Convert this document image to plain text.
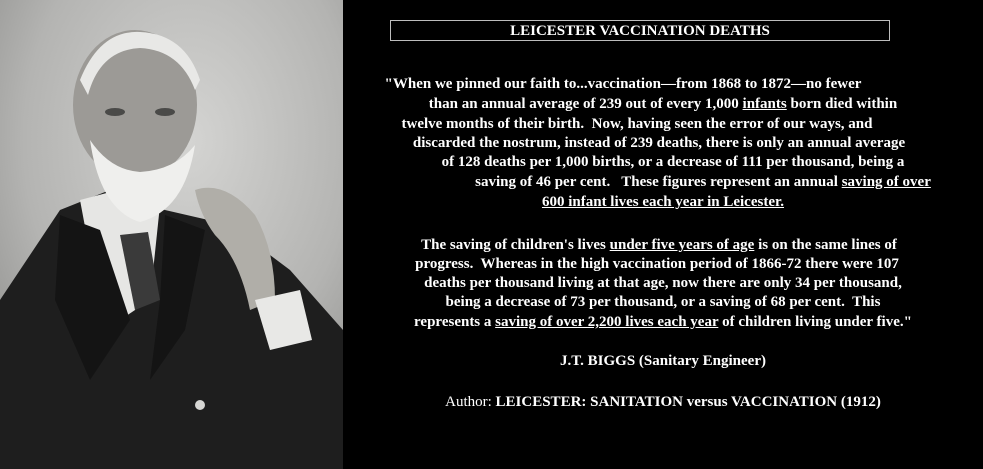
LEICESTER VACCINATION DEATHS
"When we pinned our faith to...vaccination—from 1868 to 1872—no fewer
than an annual average of 239 out of every 1,000 infants born died within
twelve months of their birth.  Now, having seen the error of our ways, and
discarded the nostrum, instead of 239 deaths, there is only an annual average
of 128 deaths per 1,000 births, or a decrease of 111 per thousand, being a
saving of 46 per cent.   These figures represent an annual saving of over
600 infant lives each year in Leicester.
The saving of children's lives under five years of age is on the same lines of
progress.  Whereas in the high vaccination period of 1866-72 there were 107
deaths per thousand living at that age, now there are only 34 per thousand,
being a decrease of 73 per thousand, or a saving of 68 per cent.  This
represents a saving of over 2,200 lives each year of children living under five."
J.T. BIGGS (Sanitary Engineer)
Author: LEICESTER: SANITATION versus VACCINATION (1912)
